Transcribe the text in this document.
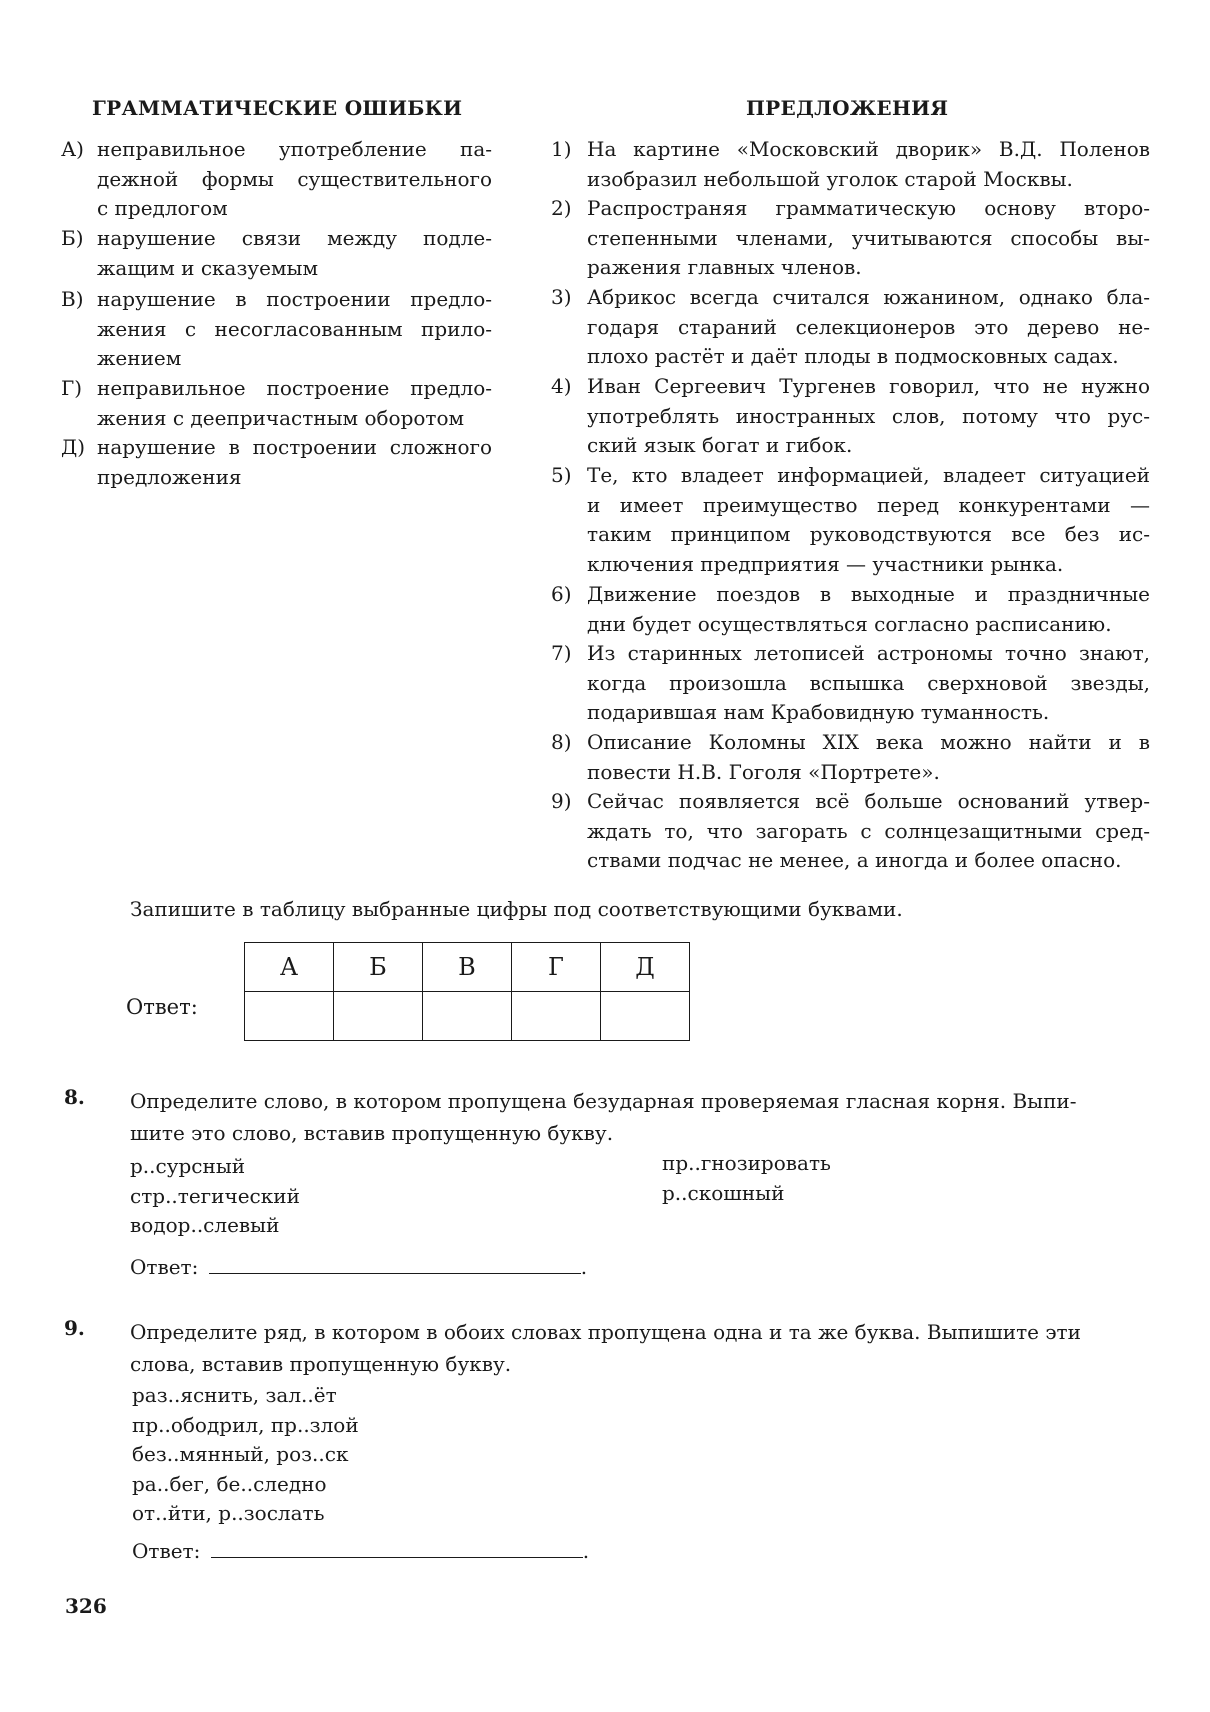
ГРАММАТИЧЕСКИЕ ОШИБКИ
А) неправильное употребление па-
дежной формы существительного
с предлогом
Б) нарушение связи между подле-
жащим и сказуемым
В) нарушение в построении предло-
жения с несогласованным прило-
жением
Г) неправильное построение предло-
жения с деепричастным оборотом
Д) нарушение в построении сложного
предложения
ПРЕДЛОЖЕНИЯ
1) На картине «Московский дворик» В.Д. Поленов
изобразил небольшой уголок старой Москвы.
2) Распространяя грамматическую основу второ-
степенными членами, учитываются способы вы-
ражения главных членов.
3) Абрикос всегда считался южанином, однако бла-
годаря стараний селекционеров это дерево не-
плохо растёт и даёт плоды в подмосковных садах.
4) Иван Сергеевич Тургенев говорил, что не нужно
употреблять иностранных слов, потому что рус-
ский язык богат и гибок.
5) Те, кто владеет информацией, владеет ситуацией
и имеет преимущество перед конкурентами —
таким принципом руководствуются все без ис-
ключения предприятия — участники рынка.
6) Движение поездов в выходные и праздничные
дни будет осуществляться согласно расписанию.
7) Из старинных летописей астрономы точно знают,
когда произошла вспышка сверхновой звезды,
подарившая нам Крабовидную туманность.
8) Описание Коломны XIX века можно найти и в
повести Н.В. Гоголя «Портрете».
9) Сейчас появляется всё больше оснований утвер-
ждать то, что загорать с солнцезащитными сред-
ствами подчас не менее, а иногда и более опасно.
Запишите в таблицу выбранные цифры под соответствующими буквами.
Ответ:
А	Б	В	Г	Д

8. Определите слово, в котором пропущена безударная проверяемая гласная корня. Выпи-
шите это слово, вставив пропущенную букву.
р..сурсный
стр..тегический
водор..слевый
пр..гнозировать
р..скошный
Ответ:	.
9. Определите ряд, в котором в обоих словах пропущена одна и та же буква. Выпишите эти
слова, вставив пропущенную букву.
раз..яснить, зал..ёт
пр..ободрил, пр..злой
без..мянный, роз..ск
ра..бег, бе..следно
от..йти, р..зослать
Ответ:	.
326
